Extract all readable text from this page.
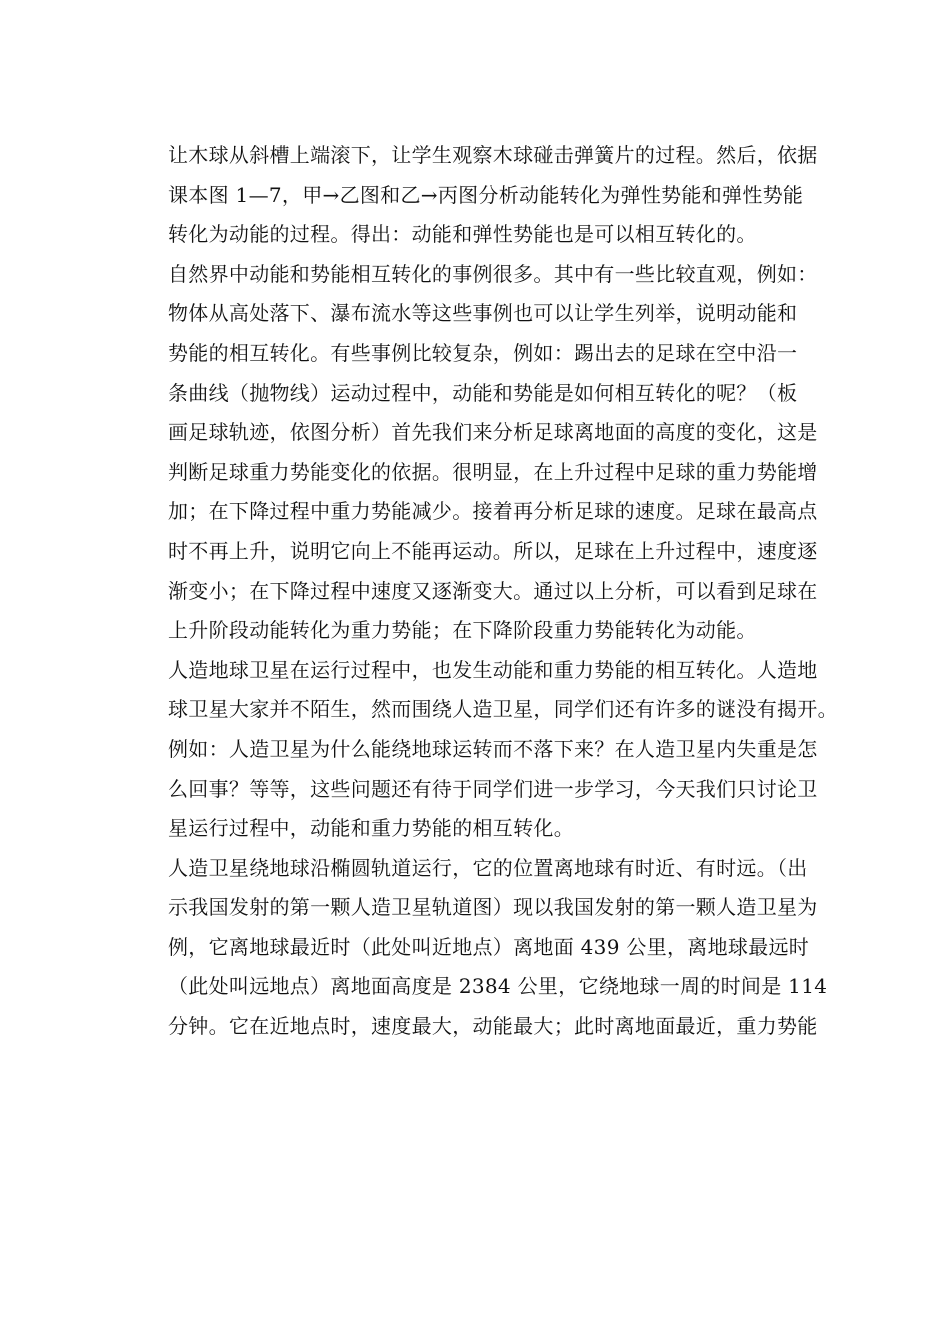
让木球从斜槽上端滚下，让学生观察木球碰击弹簧片的过程。然后，依据
课本图 1—7，甲→乙图和乙→丙图分析动能转化为弹性势能和弹性势能
转化为动能的过程。得出：动能和弹性势能也是可以相互转化的。
自然界中动能和势能相互转化的事例很多。其中有一些比较直观，例如：
物体从高处落下、瀑布流水等这些事例也可以让学生列举，说明动能和
势能的相互转化。有些事例比较复杂，例如：踢出去的足球在空中沿一
条曲线（抛物线）运动过程中，动能和势能是如何相互转化的呢？（板
画足球轨迹，依图分析）首先我们来分析足球离地面的高度的变化，这是
判断足球重力势能变化的依据。很明显，在上升过程中足球的重力势能增
加；在下降过程中重力势能减少。接着再分析足球的速度。足球在最高点
时不再上升，说明它向上不能再运动。所以，足球在上升过程中，速度逐
渐变小；在下降过程中速度又逐渐变大。通过以上分析，可以看到足球在
上升阶段动能转化为重力势能；在下降阶段重力势能转化为动能。
人造地球卫星在运行过程中，也发生动能和重力势能的相互转化。人造地
球卫星大家并不陌生，然而围绕人造卫星，同学们还有许多的谜没有揭开。
例如：人造卫星为什么能绕地球运转而不落下来？在人造卫星内失重是怎
么回事？等等，这些问题还有待于同学们进一步学习，今天我们只讨论卫
星运行过程中，动能和重力势能的相互转化。
人造卫星绕地球沿椭圆轨道运行，它的位置离地球有时近、有时远。（出
示我国发射的第一颗人造卫星轨道图）现以我国发射的第一颗人造卫星为
例，它离地球最近时（此处叫近地点）离地面 439 公里，离地球最远时
（此处叫远地点）离地面高度是 2384 公里，它绕地球一周的时间是 114
分钟。它在近地点时，速度最大，动能最大；此时离地面最近，重力势能
